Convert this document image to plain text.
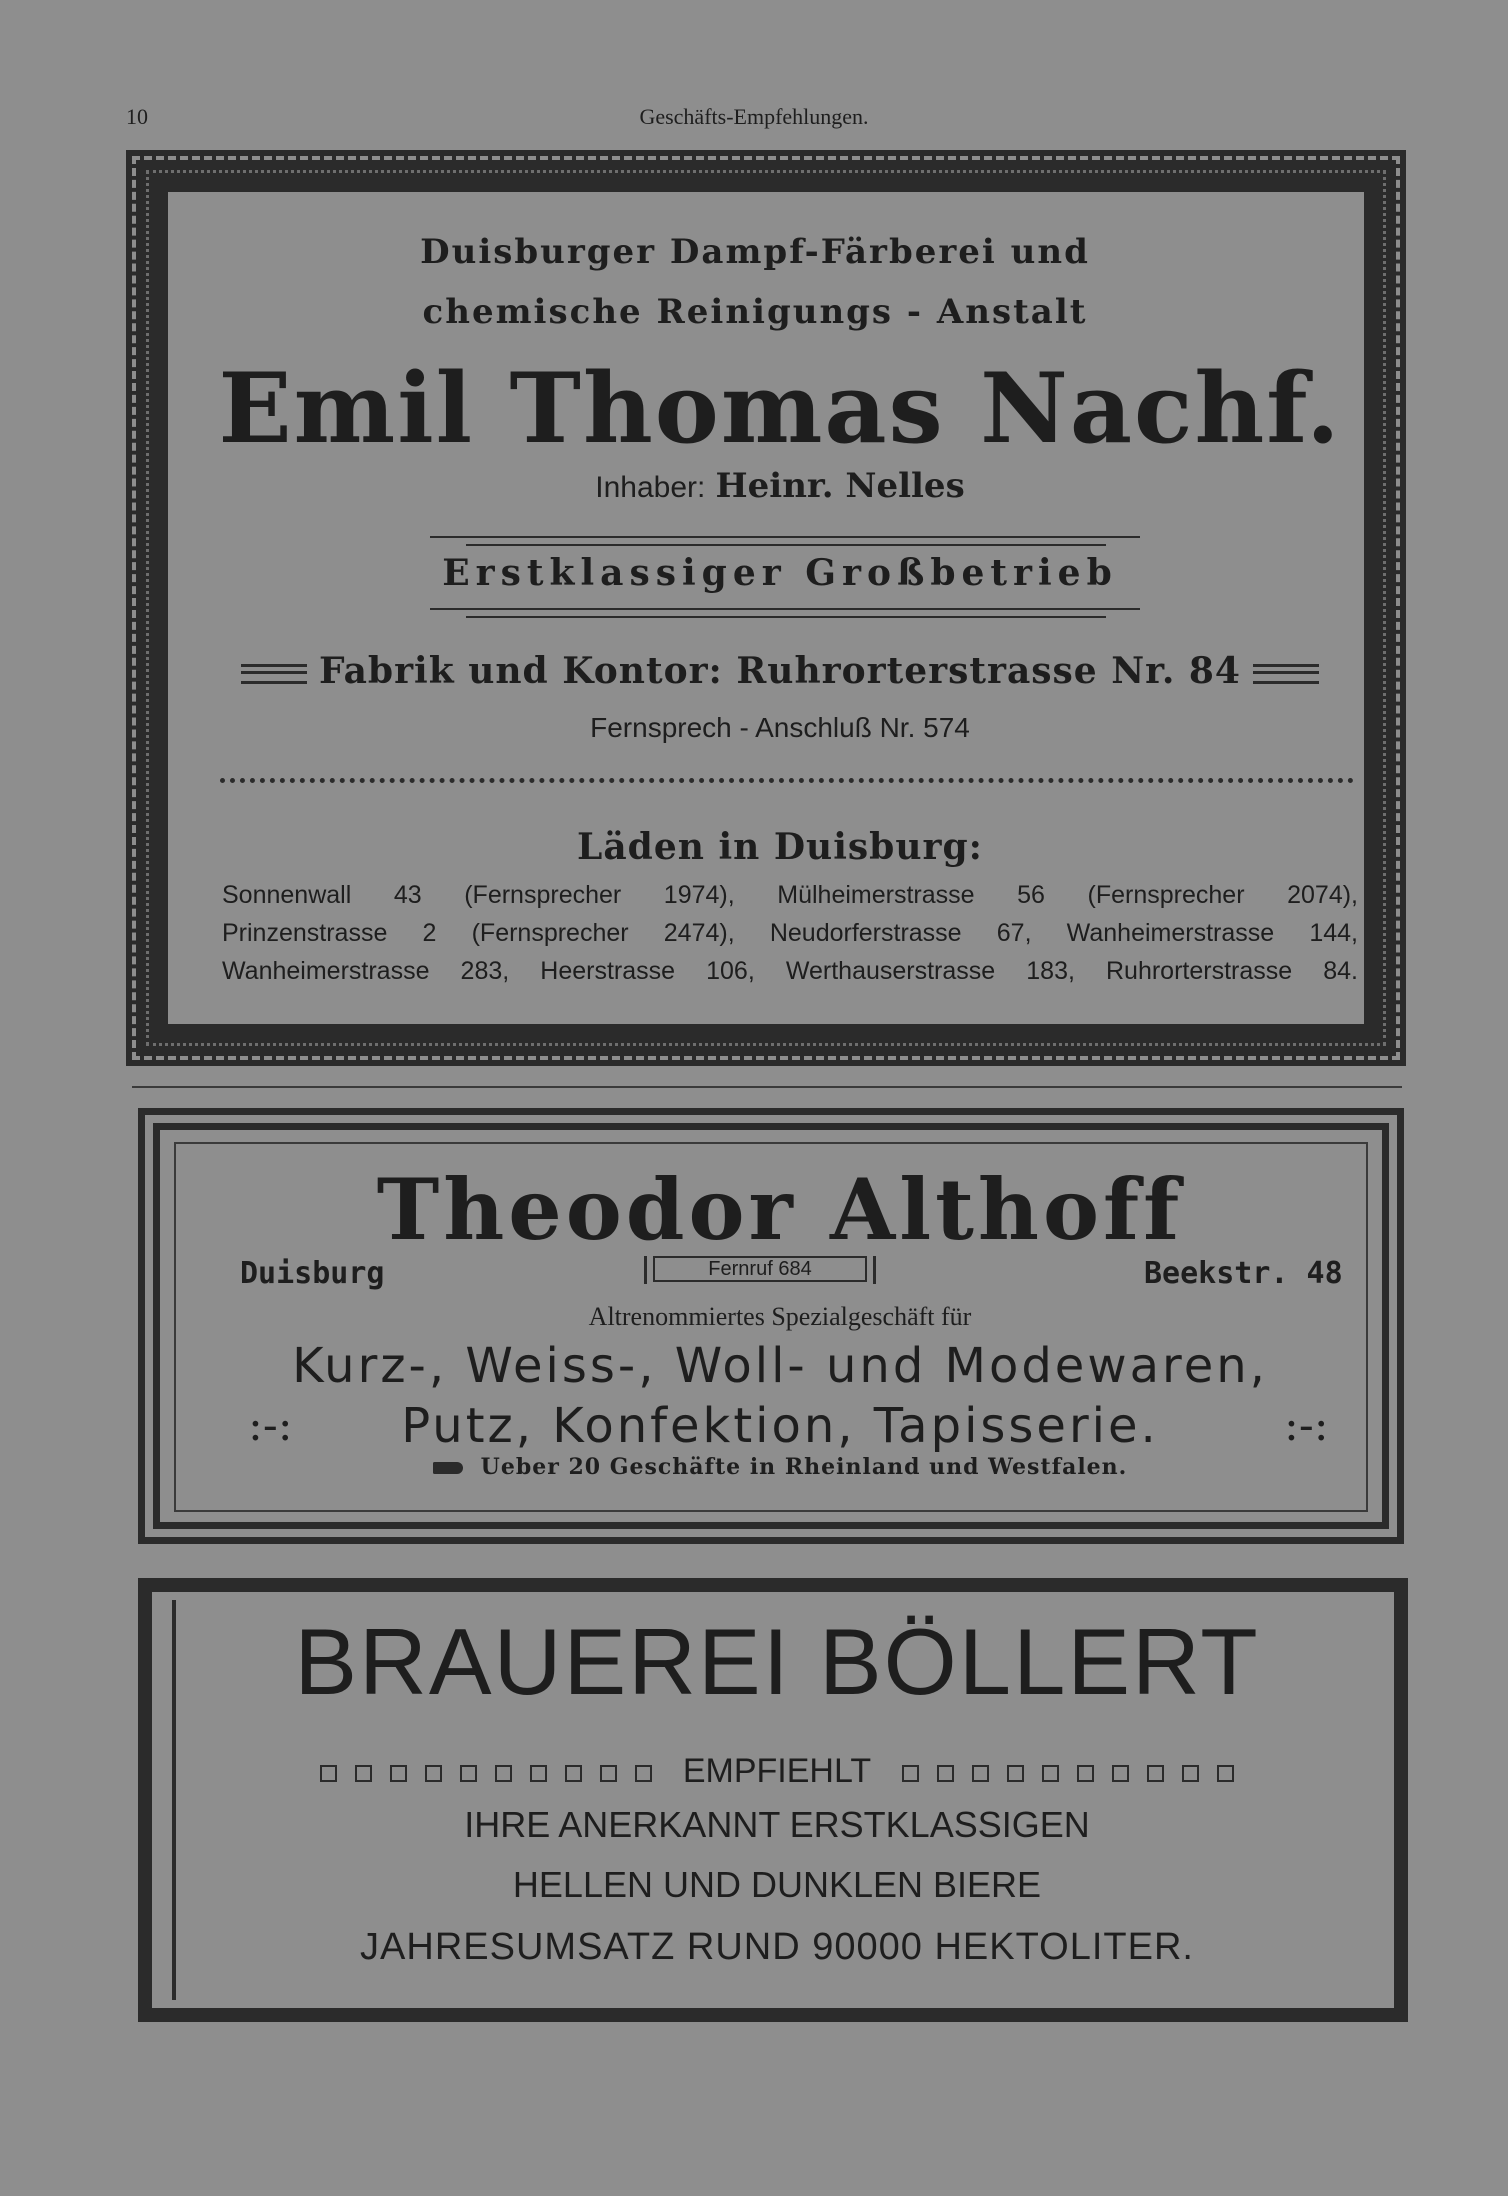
10	Geschäfts-Empfehlungen.
Duisburger Dampf-Färberei und
chemische Reinigungs - Anstalt
Emil Thomas Nachf.
Inhaber: Heinr. Nelles
Erstklassiger Großbetrieb
Fabrik und Kontor: Ruhrorterstrasse Nr. 84
Fernsprech - Anschluß Nr. 574
Läden in Duisburg:
Sonnenwall 43 (Fernsprecher 1974), Mülheimerstrasse 56 (Fernsprecher 2074),
Prinzenstrasse 2 (Fernsprecher 2474), Neudorferstrasse 67, Wanheimerstrasse 144,
Wanheimerstrasse 283, Heerstrasse 106, Werthauserstrasse 183, Ruhrorterstrasse 84.
Theodor Althoff
Duisburg	Fernruf 684	Beekstr. 48
Altrenommiertes Spezialgeschäft für
Kurz-, Weiss-, Woll- und Modewaren,
:-:	Putz, Konfektion, Tapisserie.	:-:
Ueber 20 Geschäfte in Rheinland und Westfalen.
BRAUEREI BÖLLERT
EMPFIEHLT
IHRE ANERKANNT ERSTKLASSIGEN
HELLEN UND DUNKLEN BIERE
JAHRESUMSATZ RUND 90000 HEKTOLITER.
